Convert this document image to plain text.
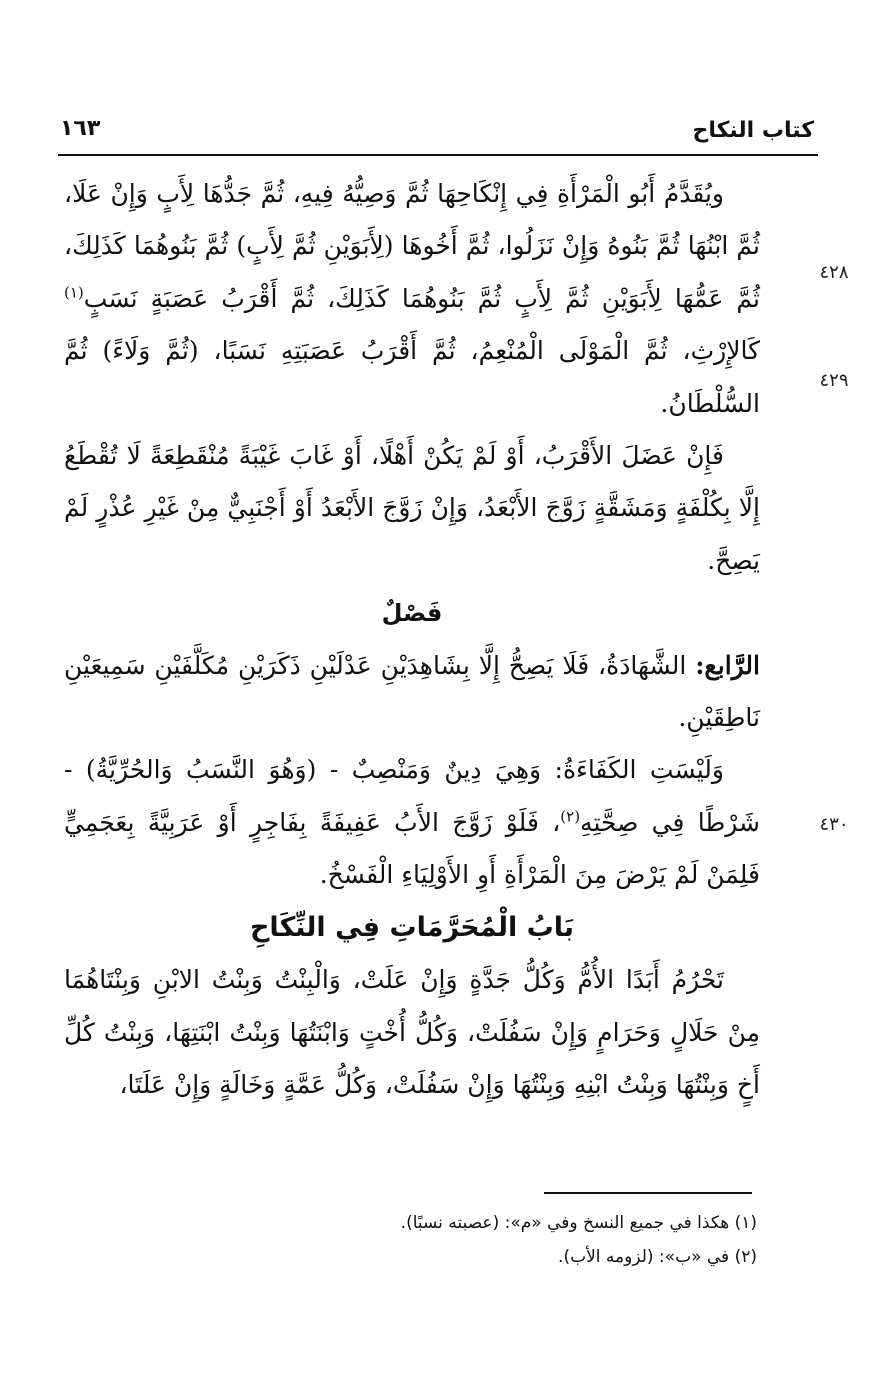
كتاب النكاح
١٦٣
٤٢٨
٤٢٩
٤٣٠

ويُقَدَّمُ أَبُو الْمَرْأَةِ فِي إِنْكَاحِهَا ثُمَّ وَصِيُّهُ فِيهِ، ثُمَّ جَدُّهَا لِأَبٍ وَإِنْ عَلَا، ثُمَّ ابْنُهَا ثُمَّ بَنُوهُ وَإِنْ نَزَلُوا، ثُمَّ أَخُوهَا (لِأَبَوَيْنِ ثُمَّ لِأَبٍ) ثُمَّ بَنُوهُمَا كَذَلِكَ، ثُمَّ عَمُّهَا لِأَبَوَيْنِ ثُمَّ لِأَبٍ ثُمَّ بَنُوهُمَا كَذَلِكَ، ثُمَّ أَقْرَبُ عَصَبَةٍ نَسَبٍ$^{(١)}$ كَالإِرْثِ، ثُمَّ الْمَوْلَى الْمُنْعِمُ، ثُمَّ أَقْرَبُ عَصَبَتِهِ نَسَبًا، (ثُمَّ وَلَاءً) ثُمَّ السُّلْطَانُ.

فَإِنْ عَضَلَ الأَقْرَبُ، أَوْ لَمْ يَكُنْ أَهْلًا، أَوْ غَابَ غَيْبَةً مُنْقَطِعَةً لَا تُقْطَعُ إِلَّا بِكُلْفَةٍ وَمَشَقَّةٍ زَوَّجَ الأَبْعَدُ، وَإِنْ زَوَّجَ الأَبْعَدُ أَوْ أَجْنَبِيٌّ مِنْ غَيْرِ عُذْرٍ لَمْ يَصِحَّ.

فَصْلٌ

الرَّابع: الشَّهَادَةُ، فَلَا يَصِحُّ إِلَّا بِشَاهِدَيْنِ عَدْلَيْنِ ذَكَرَيْنِ مُكَلَّفَيْنِ سَمِيعَيْنِ نَاطِقَيْنِ.

وَلَيْسَتِ الكَفَاءَةُ: وَهِيَ دِينٌ وَمَنْصِبٌ - (وَهُوَ النَّسَبُ وَالحُرِّيَّةُ) - شَرْطًا فِي صِحَّتِهِ$^{(٢)}$، فَلَوْ زَوَّجَ الأَبُ عَفِيفَةً بِفَاجِرٍ أَوْ عَرَبِيَّةً بِعَجَمِيٍّ فَلِمَنْ لَمْ يَرْضَ مِنَ الْمَرْأَةِ أَوِ الأَوْلِيَاءِ الْفَسْخُ.

بَابُ الْمُحَرَّمَاتِ فِي النِّكَاحِ

تَحْرُمُ أَبَدًا الأُمُّ وَكُلُّ جَدَّةٍ وَإِنْ عَلَتْ، وَالْبِنْتُ وَبِنْتُ الابْنِ وَبِنْتَاهُمَا مِنْ حَلَالٍ وَحَرَامٍ وَإِنْ سَفُلَتْ، وَكُلُّ أُخْتٍ وَابْنَتُهَا وَبِنْتُ ابْنَتِهَا، وَبِنْتُ كُلِّ أَخٍ وَبِنْتُهَا وَبِنْتُ ابْنِهِ وَبِنْتُهَا وَإِنْ سَفُلَتْ، وَكُلُّ عَمَّةٍ وَخَالَةٍ وَإِنْ عَلَتَا،

(١) هكذا في جميع النسخ وفي «م»: (عصبته نسبًا).

(٢) في «ب»: (لزومه الأب).
